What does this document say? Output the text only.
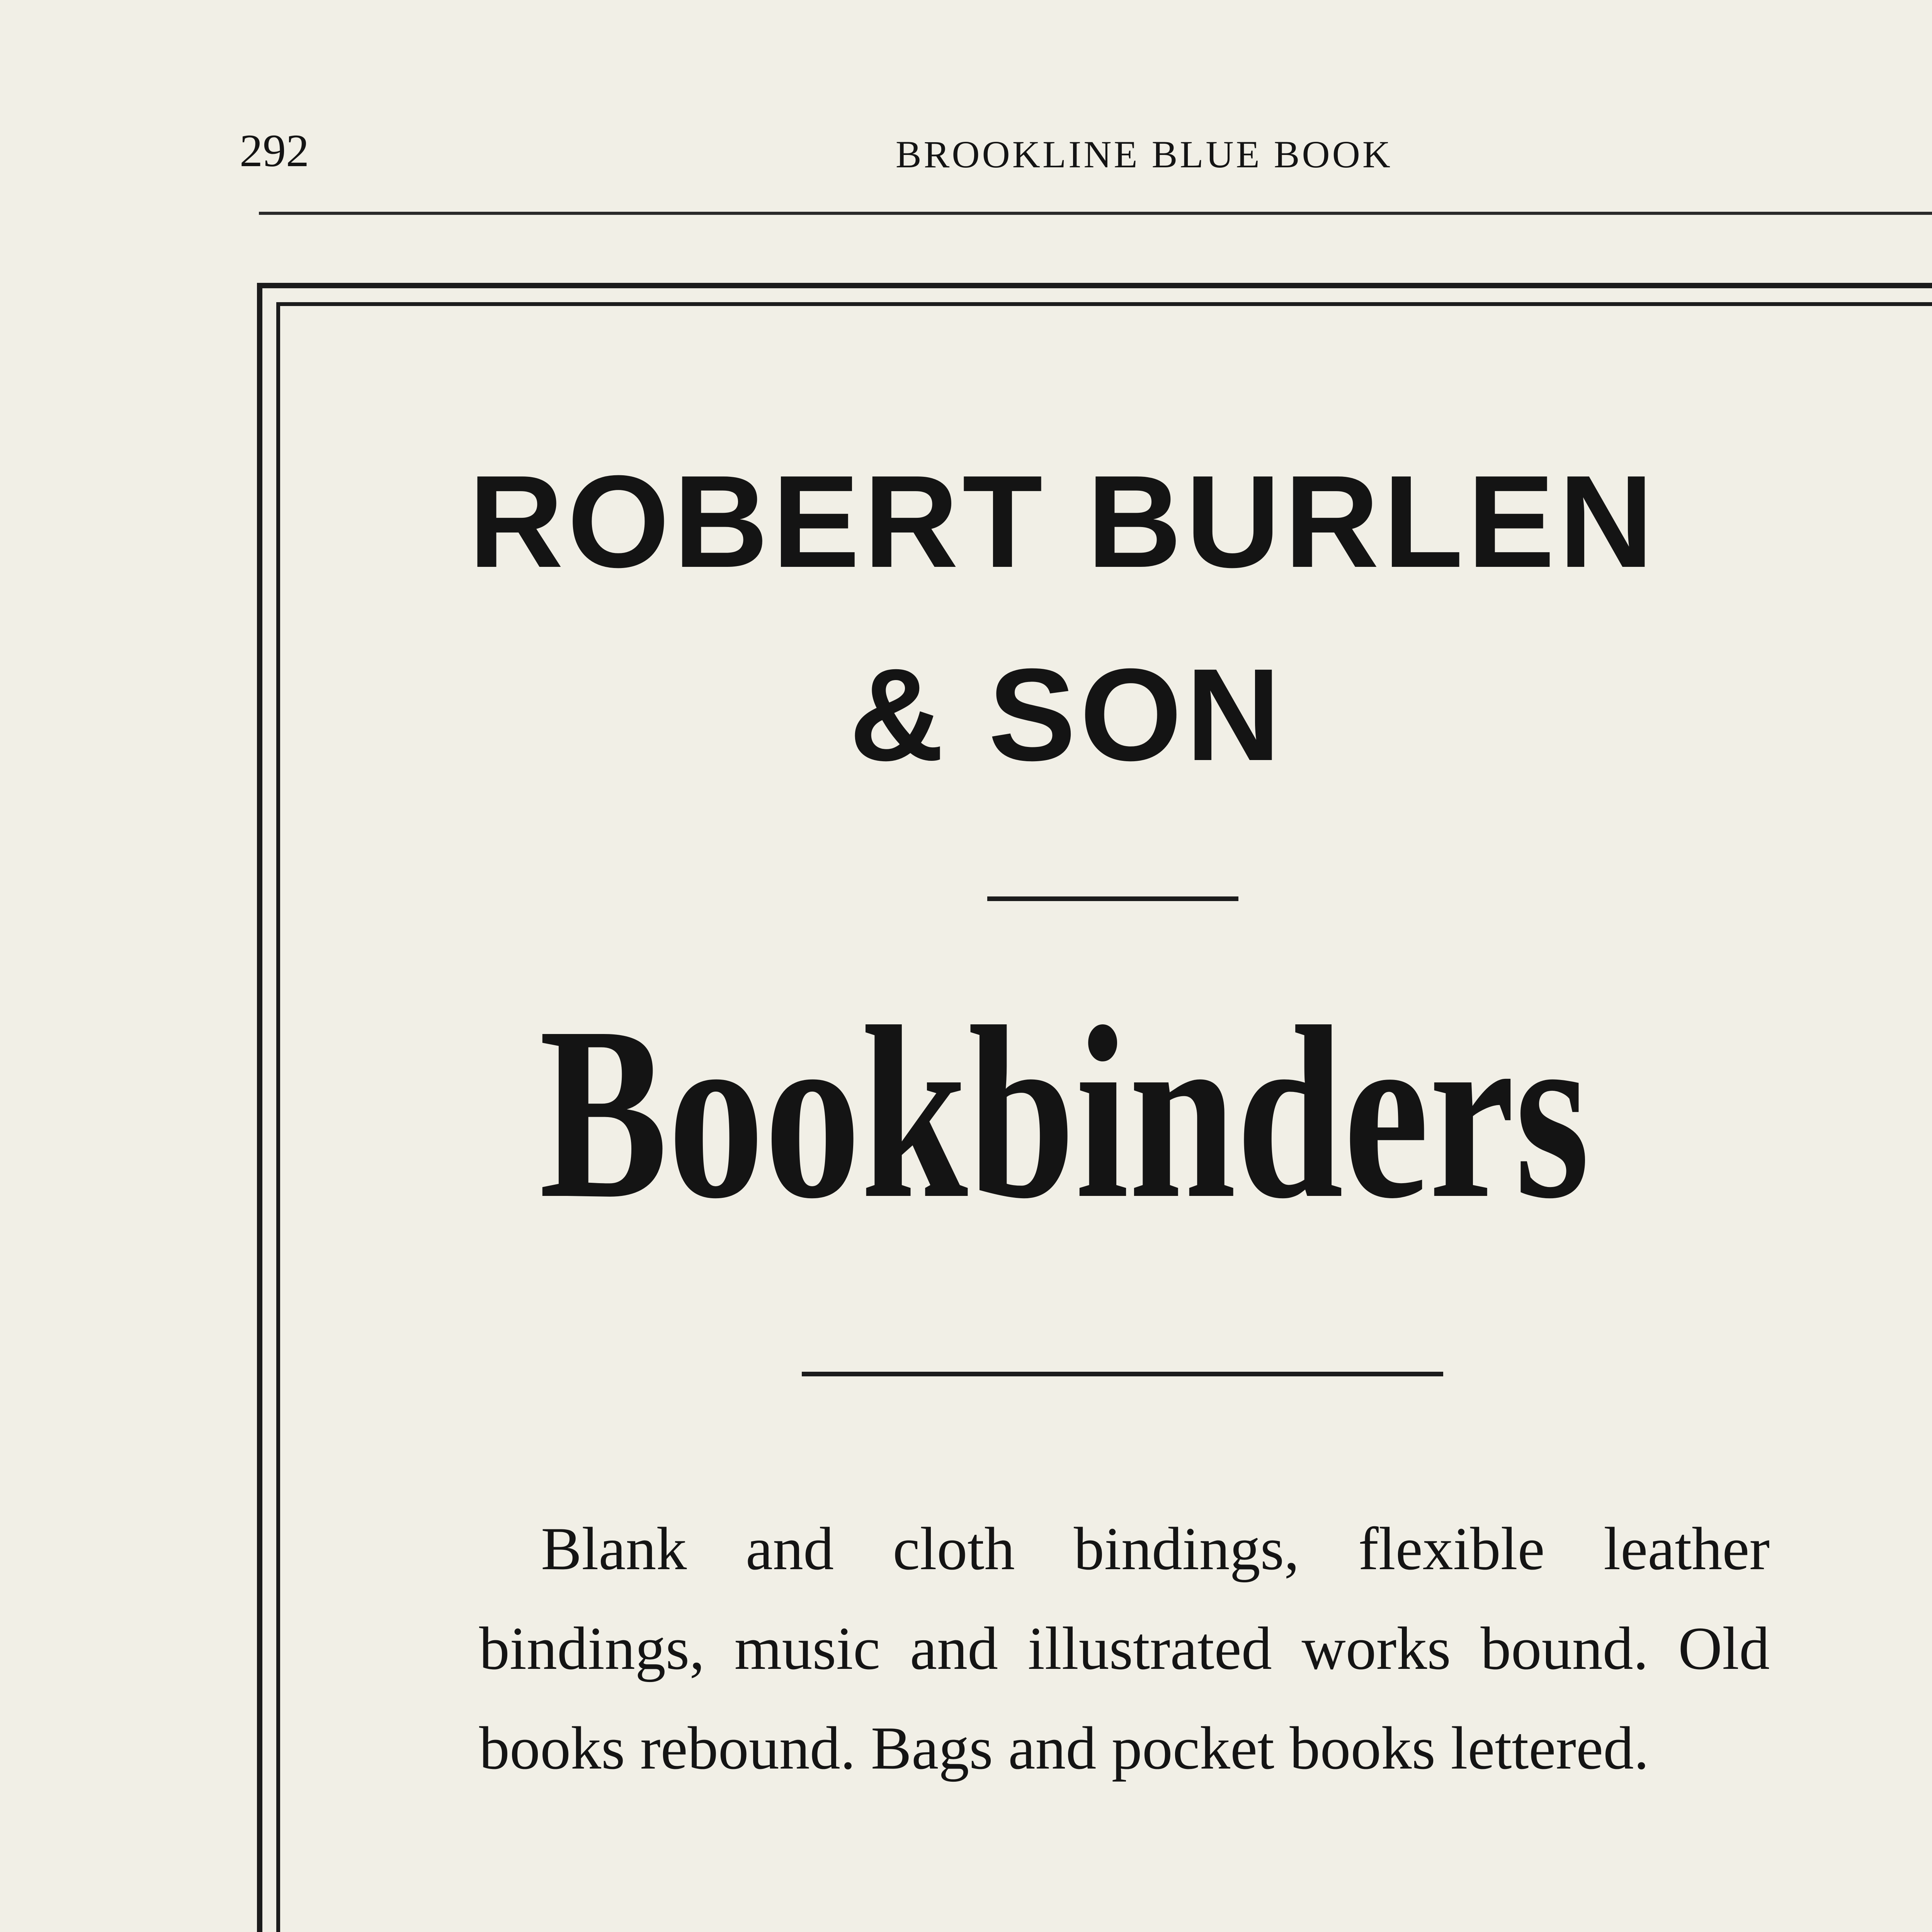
292	BROOKLINE BLUE BOOK
ROBERT BURLEN
& SON
Bookbinders
Blank and cloth bindings, flexible leather bindings, music and illustrated works bound. Old books rebound. Bags and pocket books lettered.
